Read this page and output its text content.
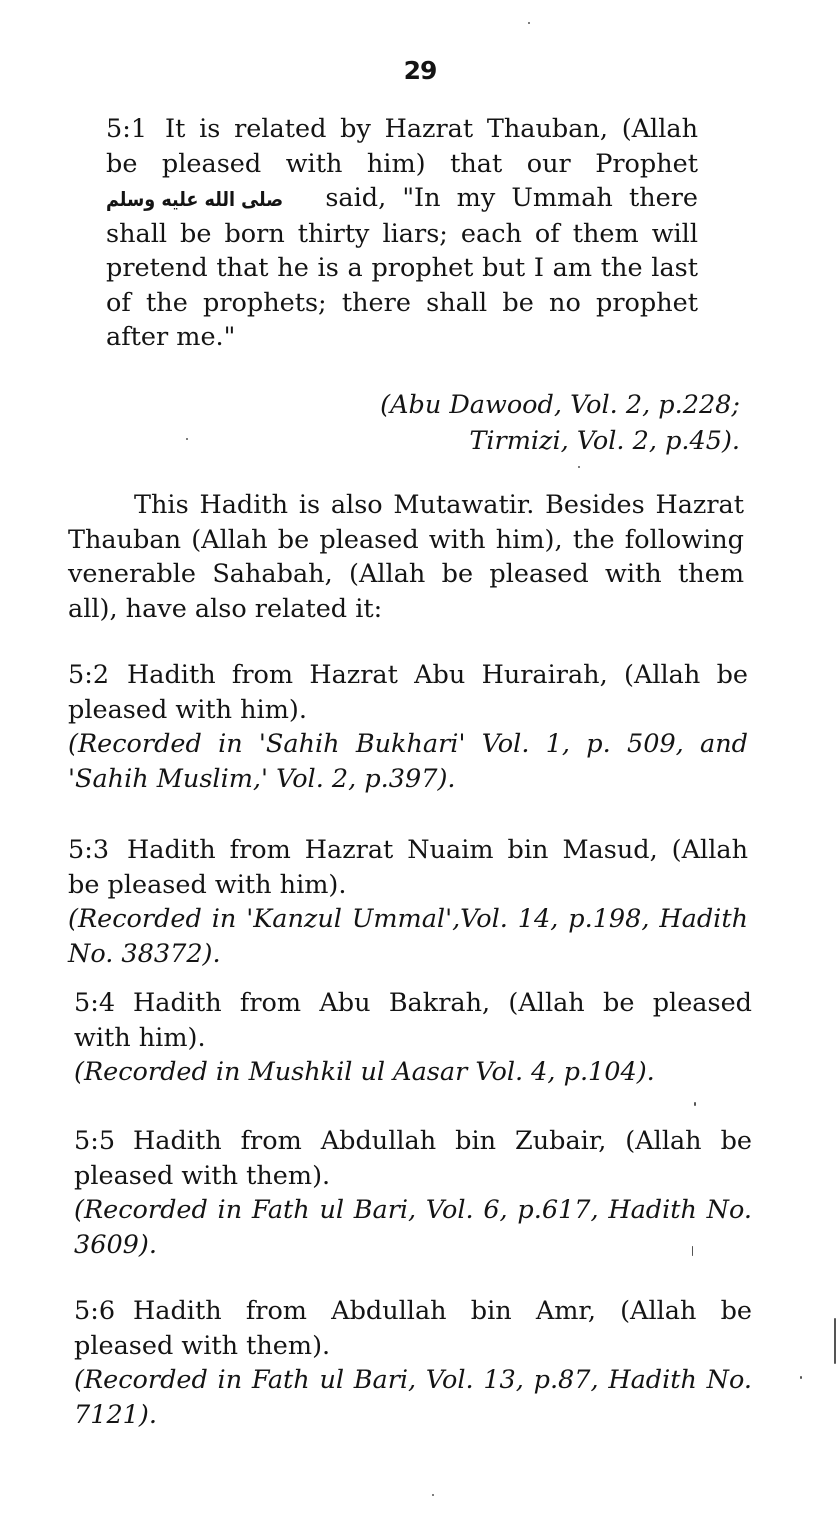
29

5:1 It is related by Hazrat Thauban, (Allah be pleased with him) that our Prophet صلى الله عليه وسلم said, "In my Ummah there shall be born thirty liars; each of them will pretend that he is a prophet but I am the last of the prophets; there shall be no prophet after me."

(Abu Dawood, Vol. 2, p.228;
Tirmizi, Vol. 2, p.45).

This Hadith is also Mutawatir. Besides Hazrat Thauban (Allah be pleased with him), the following venerable Sahabah, (Allah be pleased with them all), have also related it:

5:2 Hadith from Hazrat Abu Hurairah, (Allah be pleased with him).

(Recorded in 'Sahih Bukhari' Vol. 1, p. 509, and 'Sahih Muslim,' Vol. 2, p.397).

5:3 Hadith from Hazrat Nuaim bin Masud, (Allah be pleased with him).

(Recorded in 'Kanzul Ummal',Vol. 14, p.198, Hadith No. 38372).

5:4 Hadith from Abu Bakrah, (Allah be pleased with him).

(Recorded in Mushkil ul Aasar Vol. 4, p.104).

5:5 Hadith from Abdullah bin Zubair, (Allah be pleased with them).

(Recorded in Fath ul Bari, Vol. 6, p.617, Hadith No. 3609).

5:6 Hadith from Abdullah bin Amr, (Allah be pleased with them).

(Recorded in Fath ul Bari, Vol. 13, p.87, Hadith No. 7121).
